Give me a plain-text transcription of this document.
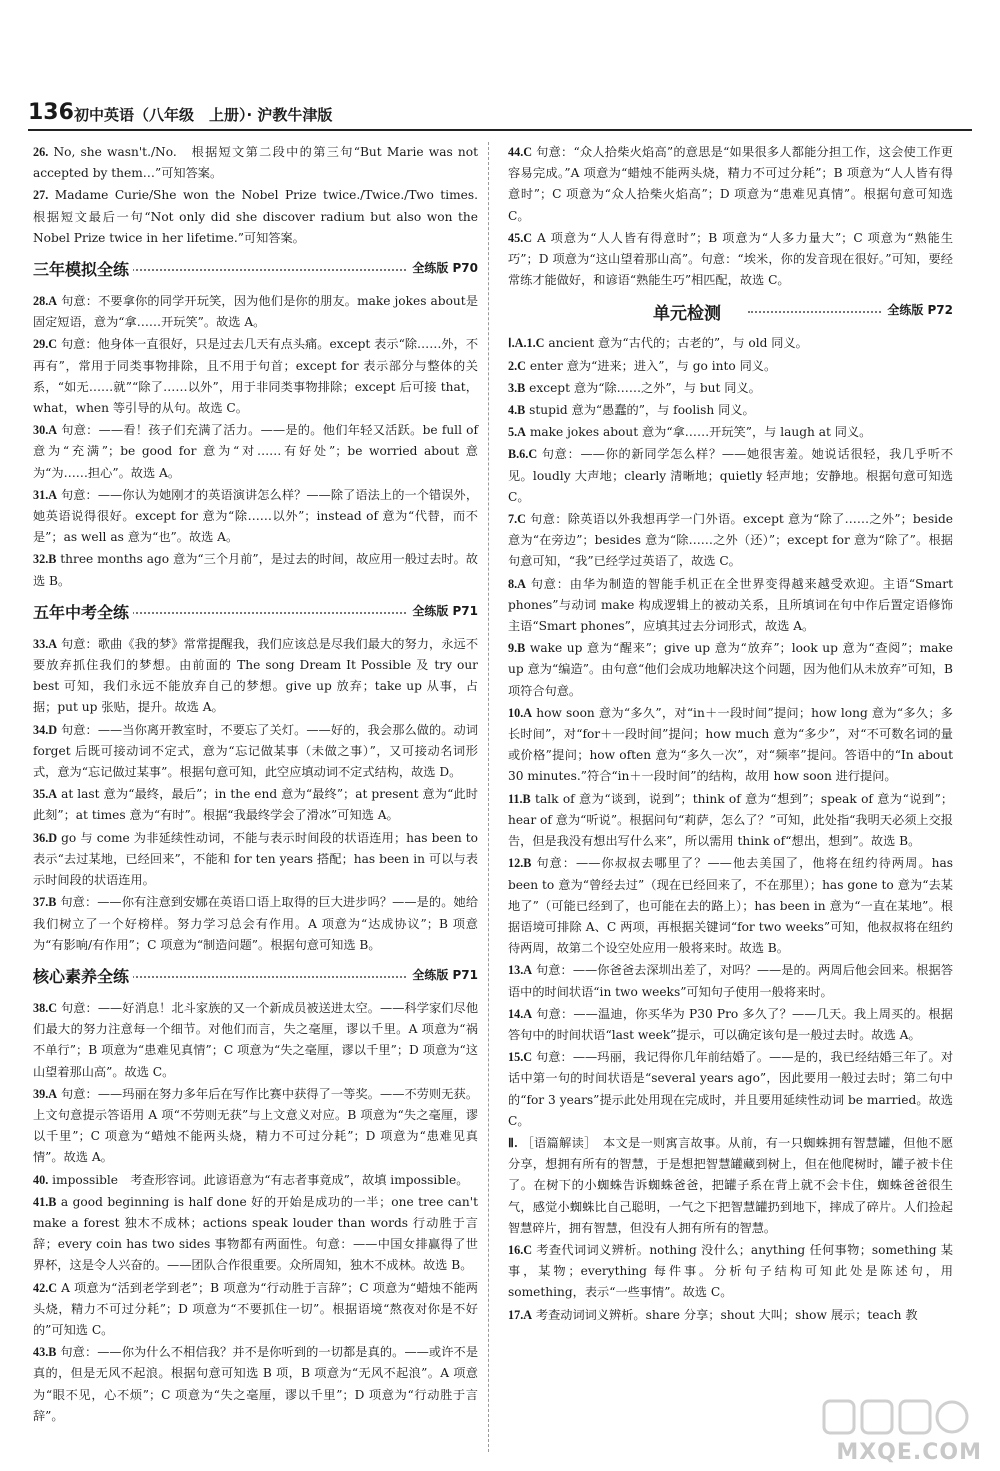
136 初中英语（八年级　上册）· 沪教牛津版

26. No, she wasn't./No.　根据短文第二段中的第三句“But Marie was not accepted by them…”可知答案。

27. Madame Curie/She won the Nobel Prize twice./Twice./Two times.　根据短文最后一句“Not only did she discover radium but also won the Nobel Prize twice in her lifetime.”可知答案。

三年模拟全练	全练版 P70

28.A 句意：不要拿你的同学开玩笑，因为他们是你的朋友。make jokes about是固定短语，意为“拿……开玩笑”。故选 A。

29.C 句意：他身体一直很好，只是过去几天有点头痛。except 表示“除……外，不再有”，常用于同类事物排除，且不用于句首；except for 表示部分与整体的关系，“如无……就”“除了……以外”，用于非同类事物排除；except 后可接 that，what，when 等引导的从句。故选 C。

30.A 句意：——看！孩子们充满了活力。——是的。他们年轻又活跃。be full of 意为“充满”；be good for 意为“对……有好处”；be worried about 意为“为……担心”。故选 A。

31.A 句意：——你认为她刚才的英语演讲怎么样？——除了语法上的一个错误外，她英语说得很好。except for 意为“除……以外”；instead of 意为“代替，而不是”；as well as 意为“也”。故选 A。

32.B three months ago 意为“三个月前”，是过去的时间，故应用一般过去时。故选 B。

五年中考全练	全练版 P71

33.A 句意：歌曲《我的梦》常常提醒我，我们应该总是尽我们最大的努力，永远不要放弃抓住我们的梦想。由前面的 The song Dream It Possible 及 try our best 可知，我们永远不能放弃自己的梦想。give up 放弃；take up 从事，占据；put up 张贴，提升。故选 A。

34.D 句意：——当你离开教室时，不要忘了关灯。——好的，我会那么做的。动词 forget 后既可接动词不定式，意为“忘记做某事（未做之事）”，又可接动名词形式，意为“忘记做过某事”。根据句意可知，此空应填动词不定式结构，故选 D。

35.A at last 意为“最终，最后”；in the end 意为“最终”；at present 意为“此时此刻”；at times 意为“有时”。根据“我最终学会了滑冰”可知选 A。

36.D go 与 come 为非延续性动词，不能与表示时间段的状语连用；has been to 表示“去过某地，已经回来”，不能和 for ten years 搭配；has been in 可以与表示时间段的状语连用。

37.B 句意：——你有注意到安娜在英语口语上取得的巨大进步吗？——是的。她给我们树立了一个好榜样。努力学习总会有作用。A 项意为“达成协议”；B 项意为“有影响/有作用”；C 项意为“制造问题”。根据句意可知选 B。

核心素养全练	全练版 P71

38.C 句意：——好消息！北斗家族的又一个新成员被送进太空。——科学家们尽他们最大的努力注意每一个细节。对他们而言，失之毫厘，谬以千里。A 项意为“祸不单行”；B 项意为“患难见真情”；C 项意为“失之毫厘，谬以千里”；D 项意为“这山望着那山高”。故选 C。

39.A 句意：——玛丽在努力多年后在写作比赛中获得了一等奖。——不劳则无获。上文句意提示答语用 A 项“不劳则无获”与上文意义对应。B 项意为“失之毫厘，谬以千里”；C 项意为“蜡烛不能两头烧，精力不可过分耗”；D 项意为“患难见真情”。故选 A。

40. impossible　考查形容词。此谚语意为“有志者事竟成”，故填 impossible。

41.B a good beginning is half done 好的开始是成功的一半；one tree can't make a forest 独木不成林；actions speak louder than words 行动胜于言辞；every coin has two sides 事物都有两面性。句意：——中国女排赢得了世界杯，这是令人兴奋的。——团队合作很重要。众所周知，独木不成林。故选 B。

42.C A 项意为“活到老学到老”；B 项意为“行动胜于言辞”；C 项意为“蜡烛不能两头烧，精力不可过分耗”；D 项意为“不要抓住一切”。根据语境“熬夜对你是不好的”可知选 C。

43.B 句意：——你为什么不相信我？并不是你听到的一切都是真的。——或许不是真的，但是无风不起浪。根据句意可知选 B 项，B 项意为“无风不起浪”。A 项意为“眼不见，心不烦”；C 项意为“失之毫厘，谬以千里”；D 项意为“行动胜于言辞”。

44.C 句意：“众人拾柴火焰高”的意思是“如果很多人都能分担工作，这会使工作更容易完成。”A 项意为“蜡烛不能两头烧，精力不可过分耗”；B 项意为“人人皆有得意时”；C 项意为“众人拾柴火焰高”；D 项意为“患难见真情”。根据句意可知选 C。

45.C A 项意为“人人皆有得意时”；B 项意为“人多力量大”；C 项意为“熟能生巧”；D 项意为“这山望着那山高”。句意：“埃米，你的发音现在很好。”可知，要经常练才能做好，和谚语“熟能生巧”相匹配，故选 C。

单元检测	全练版 P72

Ⅰ.A.1.C ancient 意为“古代的；古老的”，与 old 同义。

2.C enter 意为“进来；进入”，与 go into 同义。

3.B except 意为“除……之外”，与 but 同义。

4.B stupid 意为“愚蠢的”，与 foolish 同义。

5.A make jokes about 意为“拿……开玩笑”，与 laugh at 同义。

B.6.C 句意：——你的新同学怎么样？——她很害羞。她说话很轻，我几乎听不见。loudly 大声地；clearly 清晰地；quietly 轻声地；安静地。根据句意可知选 C。

7.C 句意：除英语以外我想再学一门外语。except 意为“除了……之外”；beside 意为“在旁边”；besides 意为“除……之外（还）”；except for 意为“除了”。根据句意可知，“我”已经学过英语了，故选 C。

8.A 句意：由华为制造的智能手机正在全世界变得越来越受欢迎。主语“Smart phones”与动词 make 构成逻辑上的被动关系，且所填词在句中作后置定语修饰主语“Smart phones”，应填其过去分词形式，故选 A。

9.B wake up 意为“醒来”；give up 意为“放弃”；look up 意为“查阅”；make up 意为“编造”。由句意“他们会成功地解决这个问题，因为他们从未放弃”可知，B 项符合句意。

10.A how soon 意为“多久”，对“in＋一段时间”提问；how long 意为“多久；多长时间”，对“for＋一段时间”提问；how much 意为“多少”，对“不可数名词的量或价格”提问；how often 意为“多久一次”，对“频率”提问。答语中的“In about 30 minutes.”符合“in＋一段时间”的结构，故用 how soon 进行提问。

11.B talk of 意为“谈到，说到”；think of 意为“想到”；speak of 意为“说到”；hear of 意为“听说”。根据问句“莉萨，怎么了？”可知，此处指“我明天必须上交报告，但是我没有想出写什么来”，所以需用 think of“想出，想到”。故选 B。

12.B 句意：——你叔叔去哪里了？——他去美国了，他将在纽约待两周。has been to 意为“曾经去过”（现在已经回来了，不在那里）；has gone to 意为“去某地了”（可能已经到了，也可能在去的路上）；has been in 意为“一直在某地”。根据语境可排除 A、C 两项，再根据关键词“for two weeks”可知，他叔叔将在纽约待两周，故第二个设空处应用一般将来时。故选 B。

13.A 句意：——你爸爸去深圳出差了，对吗？——是的。两周后他会回来。根据答语中的时间状语“in two weeks”可知句子使用一般将来时。

14.A 句意：——温迪，你买华为 P30 Pro 多久了？——几天。我上周买的。根据答句中的时间状语“last week”提示，可以确定该句是一般过去时。故选 A。

15.C 句意：——玛丽，我记得你几年前结婚了。——是的，我已经结婚三年了。对话中第一句的时间状语是“several years ago”，因此要用一般过去时；第二句中的“for 3 years”提示此处用现在完成时，并且要用延续性动词 be married。故选 C。

Ⅱ. ［语篇解读］　本文是一则寓言故事。从前，有一只蜘蛛拥有智慧罐，但他不愿分享，想拥有所有的智慧，于是想把智慧罐藏到树上，但在他爬树时，罐子被卡住了。在树下的小蜘蛛告诉蜘蛛爸爸，把罐子系在背上就不会卡住，蜘蛛爸爸很生气，感觉小蜘蛛比自己聪明，一气之下把智慧罐扔到地下，摔成了碎片。人们捡起智慧碎片，拥有智慧，但没有人拥有所有的智慧。

16.C 考查代词词义辨析。nothing 没什么；anything 任何事物；something 某事，某物；everything 每件事。分析句子结构可知此处是陈述句，用 something，表示“一些事情”。故选 C。

17.A 考查动词词义辨析。share 分享；shout 大叫；show 展示；teach 教

MXQE.COM
